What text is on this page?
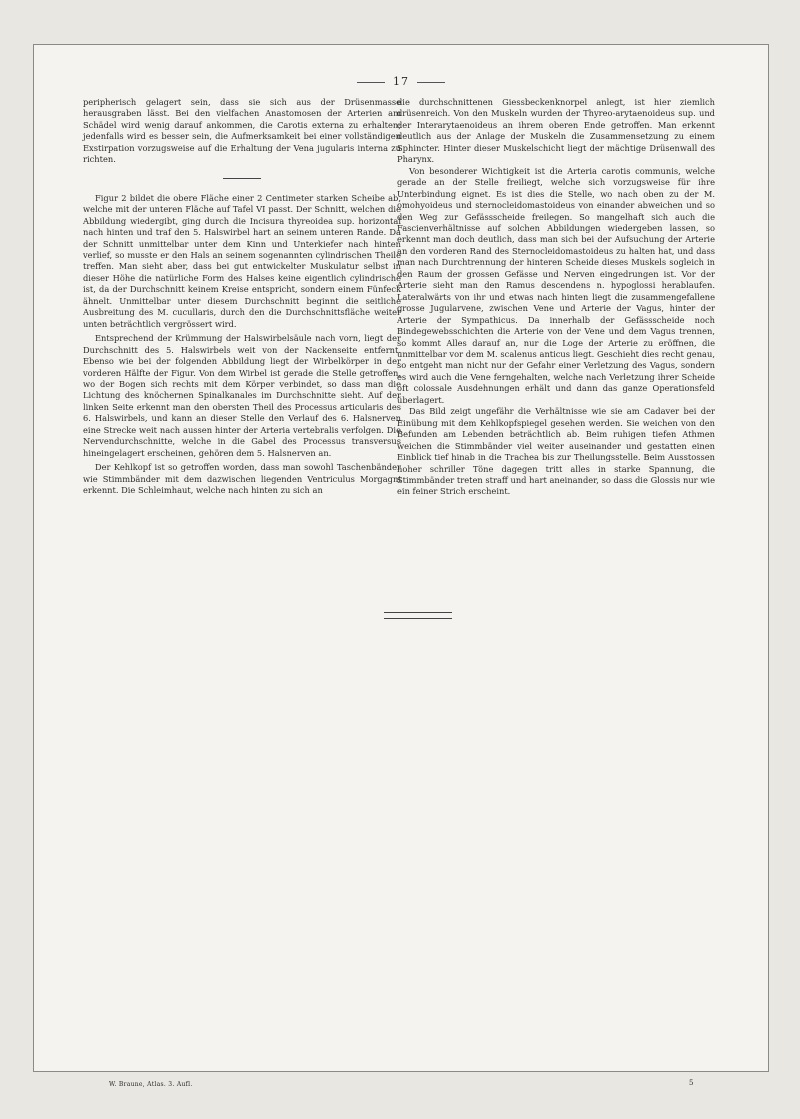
17

peripherisch gelagert sein, dass sie sich aus der Drüsenmasse herausgraben lässt. Bei den vielfachen Anastomosen der Arterien am Schädel wird wenig darauf ankommen, die Carotis externa zu erhalten; jedenfalls wird es besser sein, die Aufmerksamkeit bei einer vollständigen Exstirpation vorzugsweise auf die Erhaltung der Vena jugularis interna zu richten.

Figur 2 bildet die obere Fläche einer 2 Centimeter starken Scheibe ab, welche mit der unteren Fläche auf Tafel VI passt. Der Schnitt, welchen die Abbildung wiedergibt, ging durch die Incisura thyreoidea sup. horizontal nach hinten und traf den 5. Halswirbel hart an seinem unteren Rande. Da der Schnitt unmittelbar unter dem Kinn und Unterkiefer nach hinten verlief, so musste er den Hals an seinem sogenannten cylindrischen Theile treffen. Man sieht aber, dass bei gut entwickelter Muskulatur selbst in dieser Höhe die natürliche Form des Halses keine eigentlich cylindrische ist, da der Durchschnitt keinem Kreise entspricht, sondern einem Fünfeck ähnelt. Unmittelbar unter diesem Durchschnitt beginnt die seitliche Ausbreitung des M. cucullaris, durch den die Durchschnittsfläche weiter unten beträchtlich vergrössert wird.

Entsprechend der Krümmung der Halswirbelsäule nach vorn, liegt der Durchschnitt des 5. Halswirbels weit von der Nackenseite entfernt. Ebenso wie bei der folgenden Abbildung liegt der Wirbelkörper in der vorderen Hälfte der Figur. Von dem Wirbel ist gerade die Stelle getroffen, wo der Bogen sich rechts mit dem Körper verbindet, so dass man die Lichtung des knöchernen Spinalkanales im Durchschnitte sieht. Auf der linken Seite erkennt man den obersten Theil des Processus articularis des 6. Halswirbels, und kann an dieser Stelle den Verlauf des 6. Halsnerven eine Strecke weit nach aussen hinter der Arteria vertebralis verfolgen. Die Nervendurchschnitte, welche in die Gabel des Processus transversus hineingelagert erscheinen, gehören dem 5. Halsnerven an.

Der Kehlkopf ist so getroffen worden, dass man sowohl Taschenbänder wie Stimmbänder mit dem dazwischen liegenden Ventriculus Morgagni erkennt. Die Schleimhaut, welche nach hinten zu sich an

die durchschnittenen Giessbeckenknorpel anlegt, ist hier ziemlich drüsenreich. Von den Muskeln wurden der Thyreo-arytaenoideus sup. und der Interarytaenoideus an ihrem oberen Ende getroffen. Man erkennt deutlich aus der Anlage der Muskeln die Zusammensetzung zu einem Sphincter. Hinter dieser Muskelschicht liegt der mächtige Drüsenwall des Pharynx.

Von besonderer Wichtigkeit ist die Arteria carotis communis, welche gerade an der Stelle freiliegt, welche sich vorzugsweise für ihre Unterbindung eignet. Es ist dies die Stelle, wo nach oben zu der M. omohyoideus und sternocleidomastoideus von einander abweichen und so den Weg zur Gefässscheide freilegen. So mangelhaft sich auch die Fascienverhältnisse auf solchen Abbildungen wiedergeben lassen, so erkennt man doch deutlich, dass man sich bei der Aufsuchung der Arterie an den vorderen Rand des Sternocleidomastoideus zu halten hat, und dass man nach Durchtrennung der hinteren Scheide dieses Muskels sogleich in den Raum der grossen Gefässe und Nerven eingedrungen ist. Vor der Arterie sieht man den Ramus descendens n. hypoglossi herablaufen. Lateralwärts von ihr und etwas nach hinten liegt die zusammengefallene grosse Jugularvene, zwischen Vene und Arterie der Vagus, hinter der Arterie der Sympathicus. Da innerhalb der Gefässscheide noch Bindegewebsschichten die Arterie von der Vene und dem Vagus trennen, so kommt Alles darauf an, nur die Loge der Arterie zu eröffnen, die unmittelbar vor dem M. scalenus anticus liegt. Geschieht dies recht genau, so entgeht man nicht nur der Gefahr einer Verletzung des Vagus, sondern es wird auch die Vene ferngehalten, welche nach Verletzung ihrer Scheide oft colossale Ausdehnungen erhält und dann das ganze Operationsfeld überlagert.

Das Bild zeigt ungefähr die Verhältnisse wie sie am Cadaver bei der Einübung mit dem Kehlkopfspiegel gesehen werden. Sie weichen von den Befunden am Lebenden beträchtlich ab. Beim ruhigen tiefen Athmen weichen die Stimmbänder viel weiter auseinander und gestatten einen Einblick tief hinab in die Trachea bis zur Theilungsstelle. Beim Ausstossen hoher schriller Töne dagegen tritt alles in starke Spannung, die Stimmbänder treten straff und hart aneinander, so dass die Glossis nur wie ein feiner Strich erscheint.

W. Braune, Atlas. 3. Aufl.	5
